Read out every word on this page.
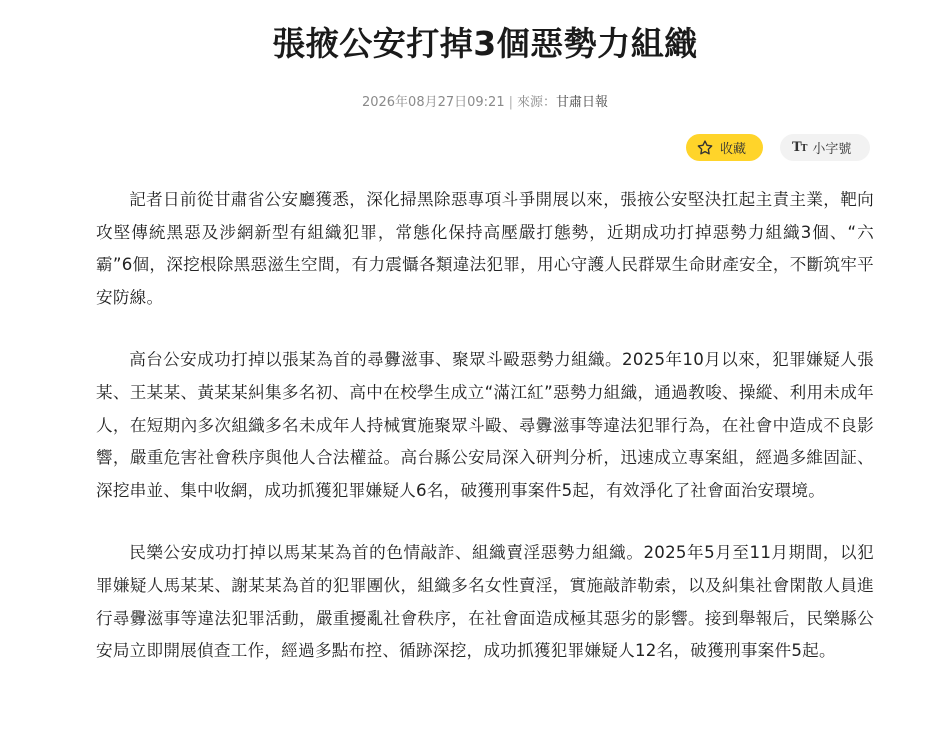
張掖公安打掉3個惡勢力組織
2026年08月27日09:21 | 來源：甘肅日報
收藏	TT 小字號

記者日前從甘肅省公安廳獲悉，深化掃黑除惡專項斗爭開展以來，張掖公安堅決扛起主責主業，靶向攻堅傳統黑惡及涉網新型有組織犯罪，常態化保持高壓嚴打態勢，近期成功打掉惡勢力組織3個、“六霸”6個，深挖根除黑惡滋生空間，有力震懾各類違法犯罪，用心守護人民群眾生命財產安全，不斷筑牢平安防線。

高台公安成功打掉以張某為首的尋釁滋事、聚眾斗毆惡勢力組織。2025年10月以來，犯罪嫌疑人張某、王某某、黃某某糾集多名初、高中在校學生成立“滿江紅”惡勢力組織，通過教唆、操縱、利用未成年人，在短期內多次組織多名未成年人持械實施聚眾斗毆、尋釁滋事等違法犯罪行為，在社會中造成不良影響，嚴重危害社會秩序與他人合法權益。高台縣公安局深入研判分析，迅速成立專案組，經過多維固証、深挖串並、集中收網，成功抓獲犯罪嫌疑人6名，破獲刑事案件5起，有效淨化了社會面治安環境。

民樂公安成功打掉以馬某某為首的色情敲詐、組織賣淫惡勢力組織。2025年5月至11月期間，以犯罪嫌疑人馬某某、謝某某為首的犯罪團伙，組織多名女性賣淫，實施敲詐勒索，以及糾集社會閑散人員進行尋釁滋事等違法犯罪活動，嚴重擾亂社會秩序，在社會面造成極其惡劣的影響。接到舉報后，民樂縣公安局立即開展偵查工作，經過多點布控、循跡深挖，成功抓獲犯罪嫌疑人12名，破獲刑事案件5起。
